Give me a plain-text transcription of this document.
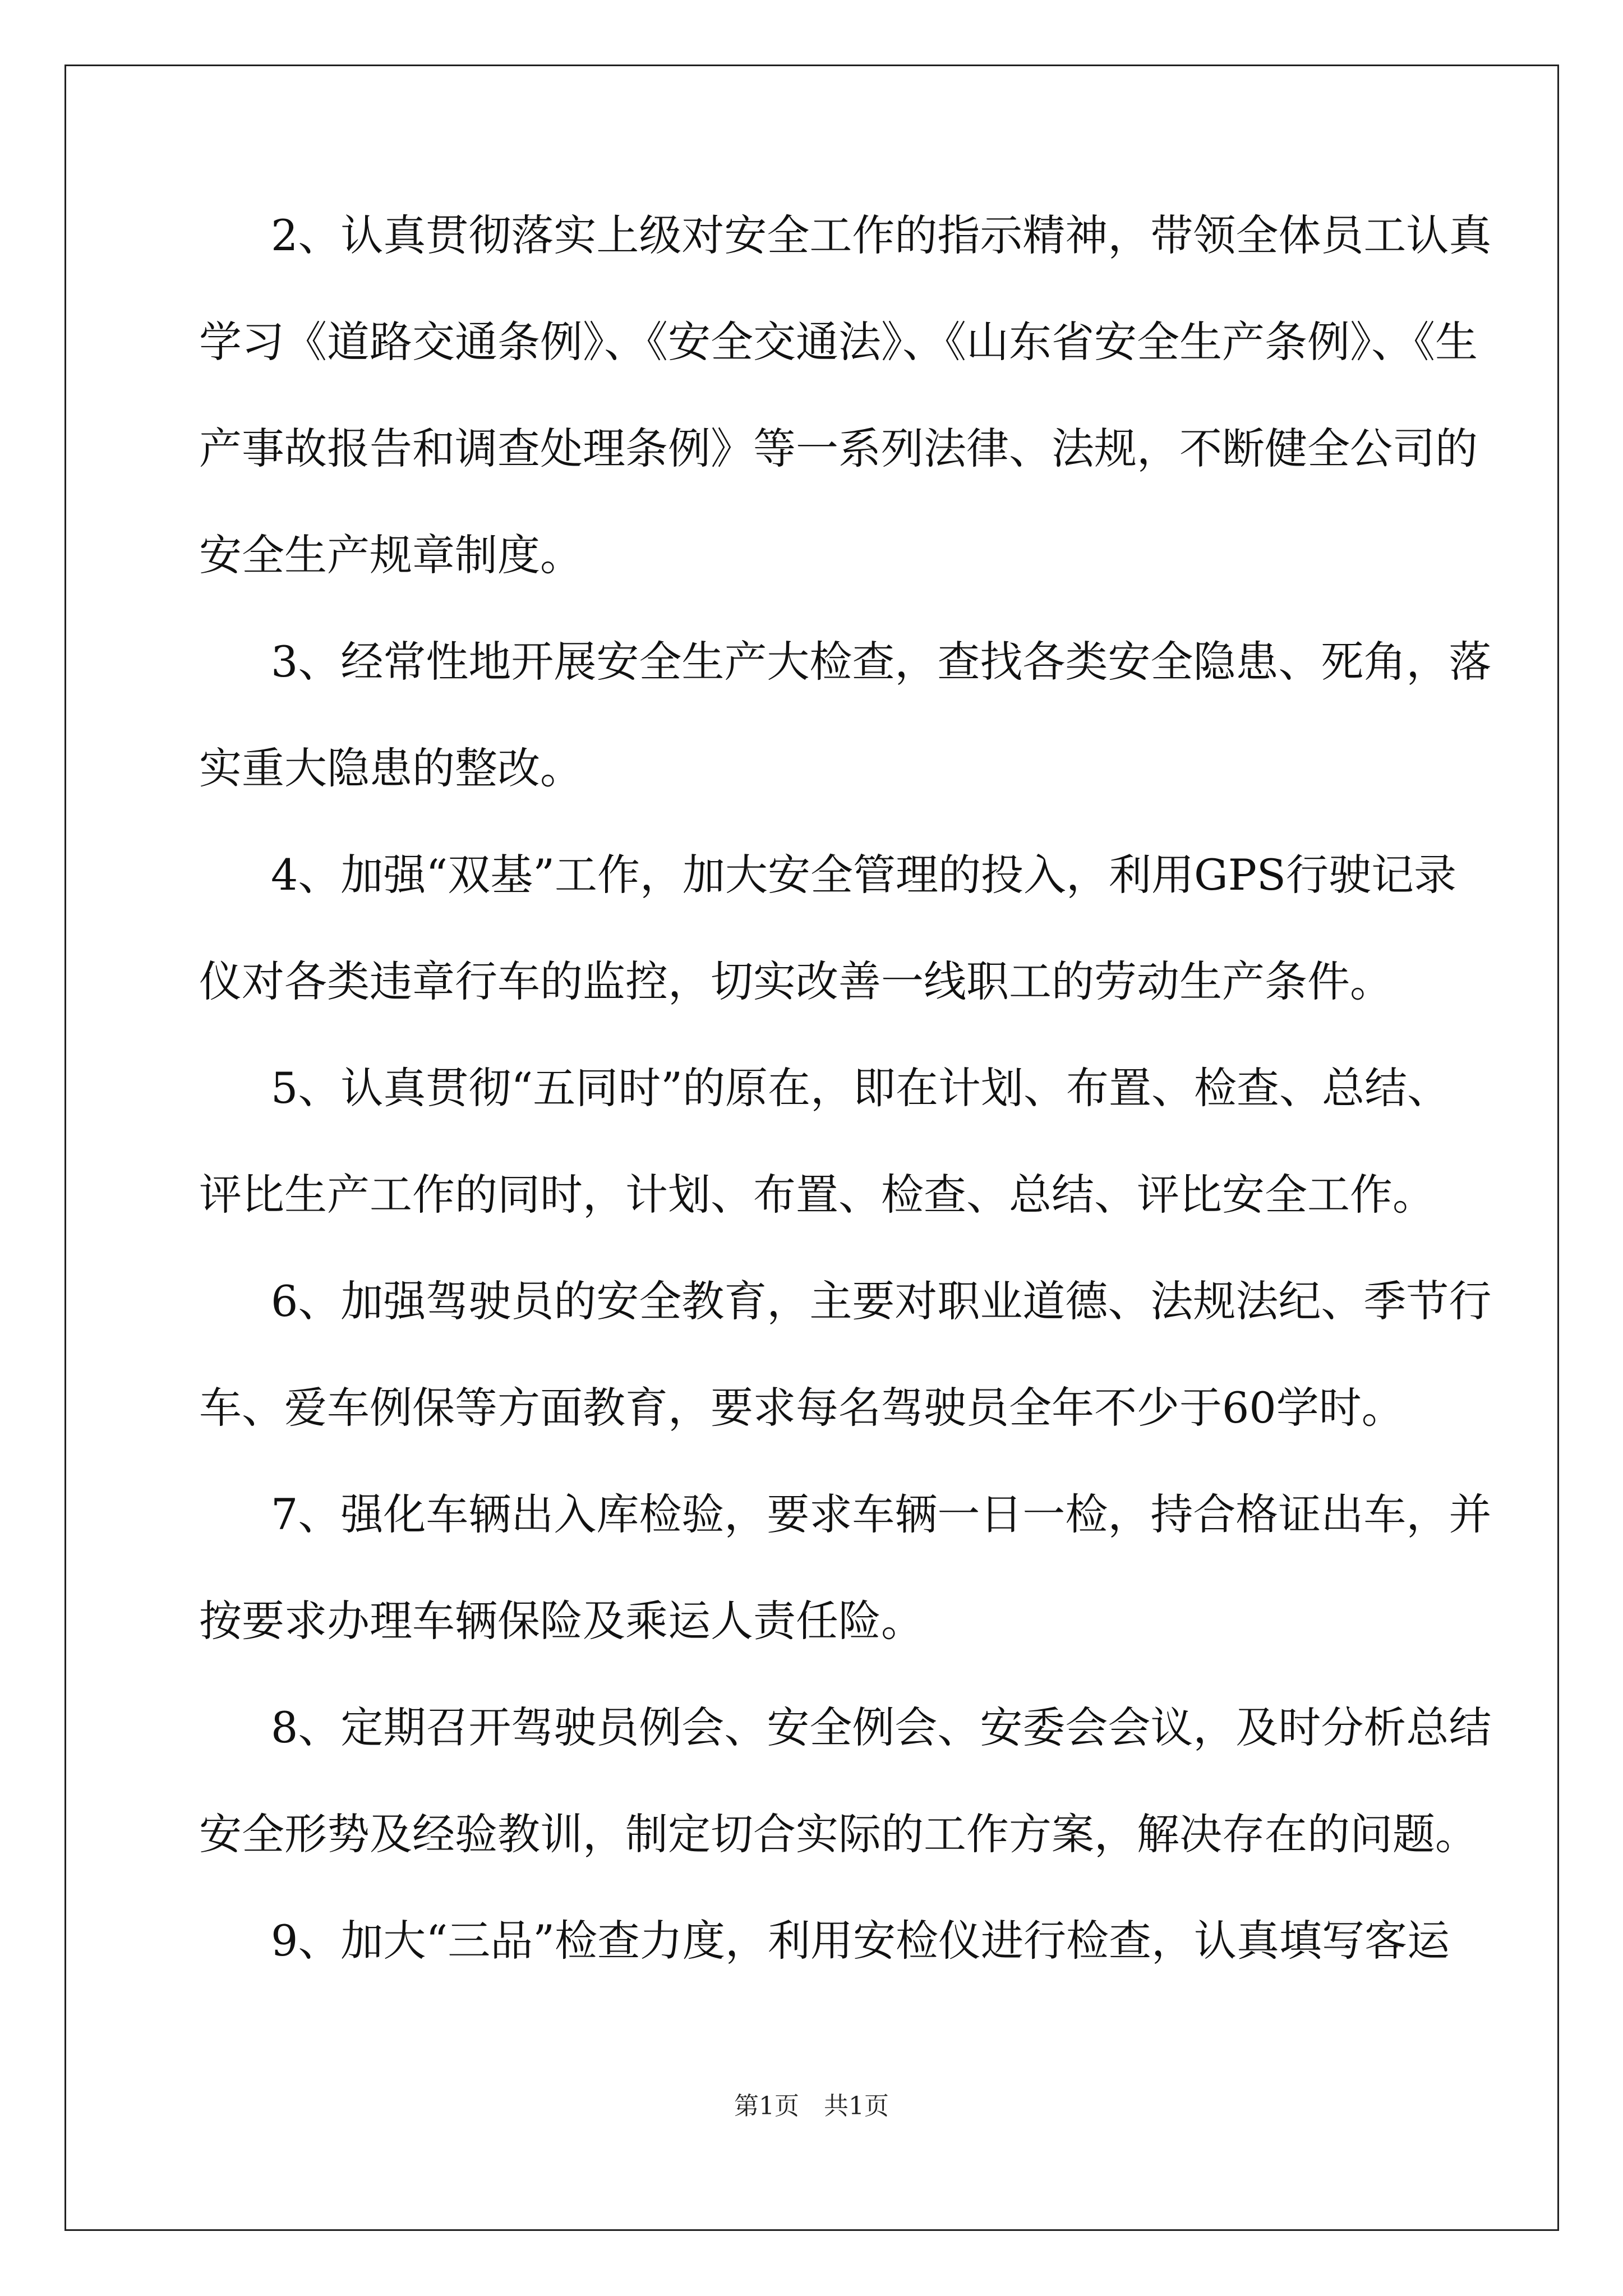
2、认真贯彻落实上级对安全工作的指示精神，带领全体员工认真
学习《道路交通条例》、《安全交通法》、《山东省安全生产条例》、《生
产事故报告和调查处理条例》等一系列法律、法规，不断健全公司的
安全生产规章制度。
3、经常性地开展安全生产大检查，查找各类安全隐患、死角，落
实重大隐患的整改。
4、加强“双基”工作，加大安全管理的投入，利用GPS行驶记录
仪对各类违章行车的监控，切实改善一线职工的劳动生产条件。
5、认真贯彻“五同时”的原在，即在计划、布置、检查、总结、
评比生产工作的同时，计划、布置、检查、总结、评比安全工作。
6、加强驾驶员的安全教育，主要对职业道德、法规法纪、季节行
车、爱车例保等方面教育，要求每名驾驶员全年不少于60学时。
7、强化车辆出入库检验，要求车辆一日一检，持合格证出车，并
按要求办理车辆保险及乘运人责任险。
8、定期召开驾驶员例会、安全例会、安委会会议，及时分析总结
安全形势及经验教训，制定切合实际的工作方案，解决存在的问题。
9、加大“三品”检查力度，利用安检仪进行检查，认真填写客运
第1页　共1页
